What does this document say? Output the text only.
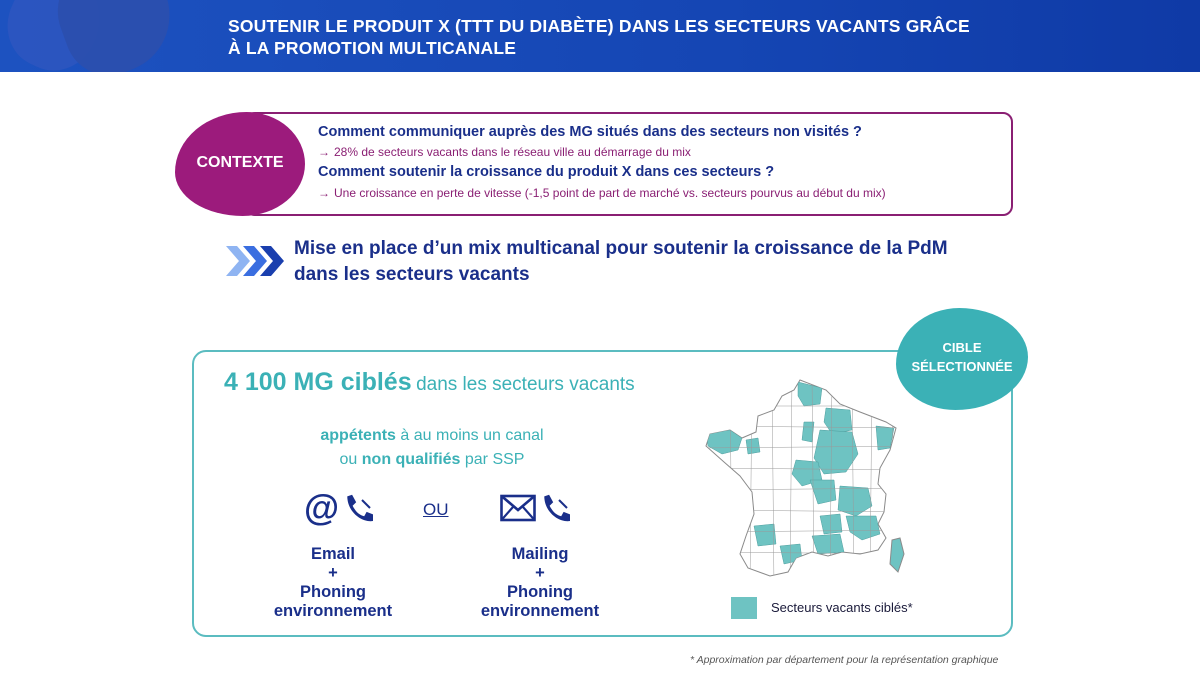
SOUTENIR LE PRODUIT X (TTT DU DIABÈTE) DANS LES SECTEURS VACANTS GRÂCE
À LA PROMOTION MULTICANALE
CONTEXTE
Comment communiquer auprès des MG situés dans des secteurs non visités ?
→ 28% de secteurs vacants dans le réseau ville au démarrage du mix
Comment soutenir la croissance du produit X dans ces secteurs ?
→ Une croissance en perte de vitesse (-1,5 point de part de marché vs. secteurs pourvus au début du mix)
Mise en place d’un mix multicanal pour soutenir la croissance de la PdM
dans les secteurs vacants
CIBLE
SÉLECTIONNÉE
4 100 MG ciblés dans les secteurs vacants
appétents à au moins un canal
ou non qualifiés par SSP
@	OU
Email
+
Phoning
environnement
Mailing
+
Phoning
environnement	Secteurs vacants ciblés*
* Approximation par département pour la représentation graphique
